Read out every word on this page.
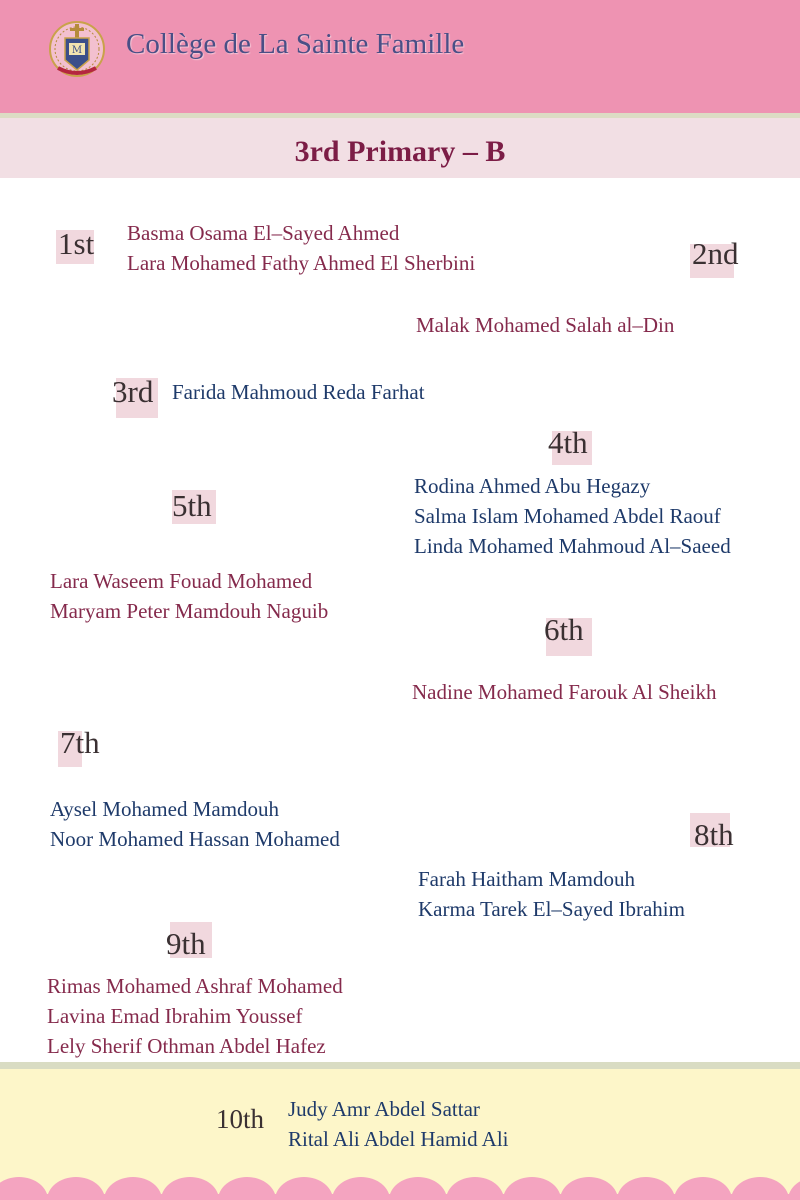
M Collège de La Sainte Famille
3rd Primary – B
1st Basma Osama El–Sayed Ahmed
Lara Mohamed Fathy Ahmed El Sherbini	2nd
Malak Mohamed Salah al–Din
3rd Farida Mahmoud Reda Farhat
4th
Rodina Ahmed Abu Hegazy
Salma Islam Mohamed Abdel Raouf
Linda Mohamed Mahmoud Al–Saeed
5th
Lara Waseem Fouad Mohamed
Maryam Peter Mamdouh Naguib
6th
Nadine Mohamed Farouk Al Sheikh
7th
Aysel Mohamed Mamdouh
Noor Mohamed Hassan Mohamed	8th
Farah Haitham Mamdouh
Karma Tarek El–Sayed Ibrahim
9th
Rimas Mohamed Ashraf Mohamed
Lavina Emad Ibrahim Youssef
Lely Sherif Othman Abdel Hafez
10th Judy Amr Abdel Sattar
Rital Ali Abdel Hamid Ali
